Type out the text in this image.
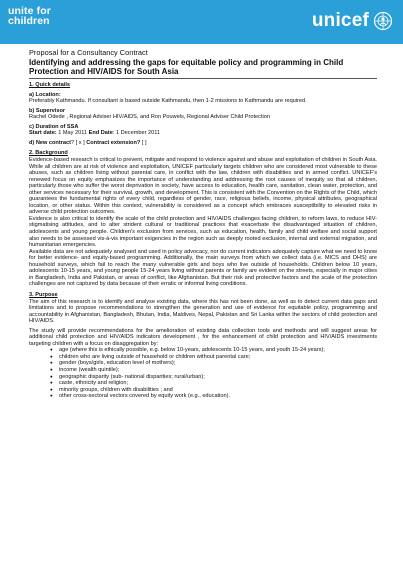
unite for
children	unicef
Proposal for a Consultancy Contract
Identifying and addressing the gaps for equitable policy and programming in Child Protection and HIV/AIDS for South Asia
1. Quick details
a) Location:
Preferably Kathmandu. If consultant is based outside Kathmandu, then 1-2 missions to Kathmandu are required.
b) Supervisor
Rachel Odede , Regional Adviser HIV/AIDS, and Ron Pouwels, Regional Adviser Child Protection
c) Duration of SSA
Start date: 1 May 2011 End Date: 1 December 2011
d) New contract? [ x ] Contract extension? [ ]
2. Background
Evidence-based research is critical to prevent, mitigate and respond to violence against and abuse and exploitation of children in South Asia. While all children are at risk of violence and exploitation, UNICEF particularly targets children who are considered most vulnerable to these abuses, such as children living without parental care, in conflict with the law, children with disabilities and in armed conflict. UNICEF's renewed focus on equity emphasizes the importance of understanding and addressing the root causes of inequity so that all children, particularly those who suffer the worst deprivation in society, have access to education, health care, sanitation, clean water, protection, and other services necessary for their survival, growth, and development. This is consistent with the Convention on the Rights of the Child, which guarantees the fundamental rights of every child, regardless of gender, race, religious beliefs, income, physical attributes, geographical location, or other status. Within this context, vulnerability is considered as a concept which embraces susceptibility to elevated risks in adverse child protection outcomes.
Evidence is also critical to identify the scale of the child protection and HIV/AIDS challenges facing children, to reform laws, to reduce HIV-stigmatising attitudes, and to alter strident cultural or traditional practices that exacerbate the disadvantaged situation of children, adolescents and young people. Children's exclusion from services, such as education, health, family and child welfare and social support also needs to be assessed vis-à-vis important exigencies in the region such as deeply rooted exclusion, internal and external migration, and humanitarian emergencies.
Available data are not adequately analysed and used in policy advocacy, nor do current indicators adequately capture what we need to know for better evidence- and equity-based programming. Additionally, the main surveys from which we collect data (i.e. MICS and DHS) are household surveys, which fail to reach the many vulnerable girls and boys who live outside of households. Children below 10 years, adolescents 10-15 years, and young people 15-24 years living without parents or family are evident on the streets, especially in major cities in Bangladesh, India and Pakistan, or areas of conflict, like Afghanistan. But their risk and protective factors and the scale of the protection challenges are not captured by data because of their erratic or informal living conditions.
3. Purpose
The aim of this research is to identify and analyse existing data, where this has not been done, as well as to detect current data gaps and limitations and to propose recommendations to strengthen the generation and use of evidence for equitable policy, programming and accountability in Afghanistan, Bangladesh, Bhutan, India, Maldives, Nepal, Pakistan and Sri Lanka within the sectors of child protection and HIV/AIDS.
The study will provide recommendations for the amelioration of existing data collection tools and methods and will suggest areas for additional child protection and HIV/AIDS indicators development , for the enhancement of child protection and HIV/AIDS investments targeting children with a focus on disaggregation by:
● age (where this is ethically possible, e.g. below 10-years, adolescents 10-15 years, and youth 15-24 years);
● children who are living outside of household or children without parental care;
● gender (boys/girls, education level of mothers);
● income (wealth quintile);
● geographic disparity (sub- national disparities; rural/urban);
● caste, ethnicity and religion;
● minority groups, children with disabilities ; and
● other cross-sectoral vectors covered by equity work (e.g., education).
